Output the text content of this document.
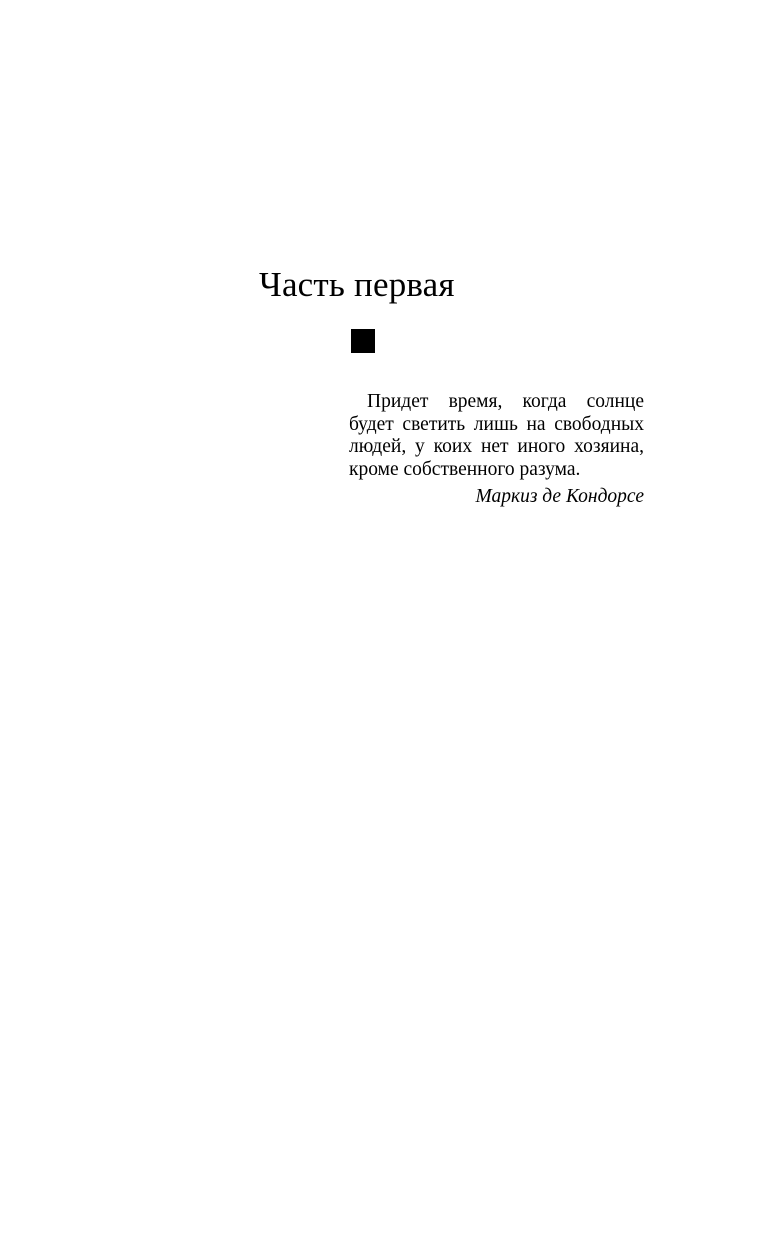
Часть первая

Придет время, когда солнце будет светить лишь на свободных людей, у коих нет иного хозяина, кроме собственного разума.

Маркиз де Кондорсе
